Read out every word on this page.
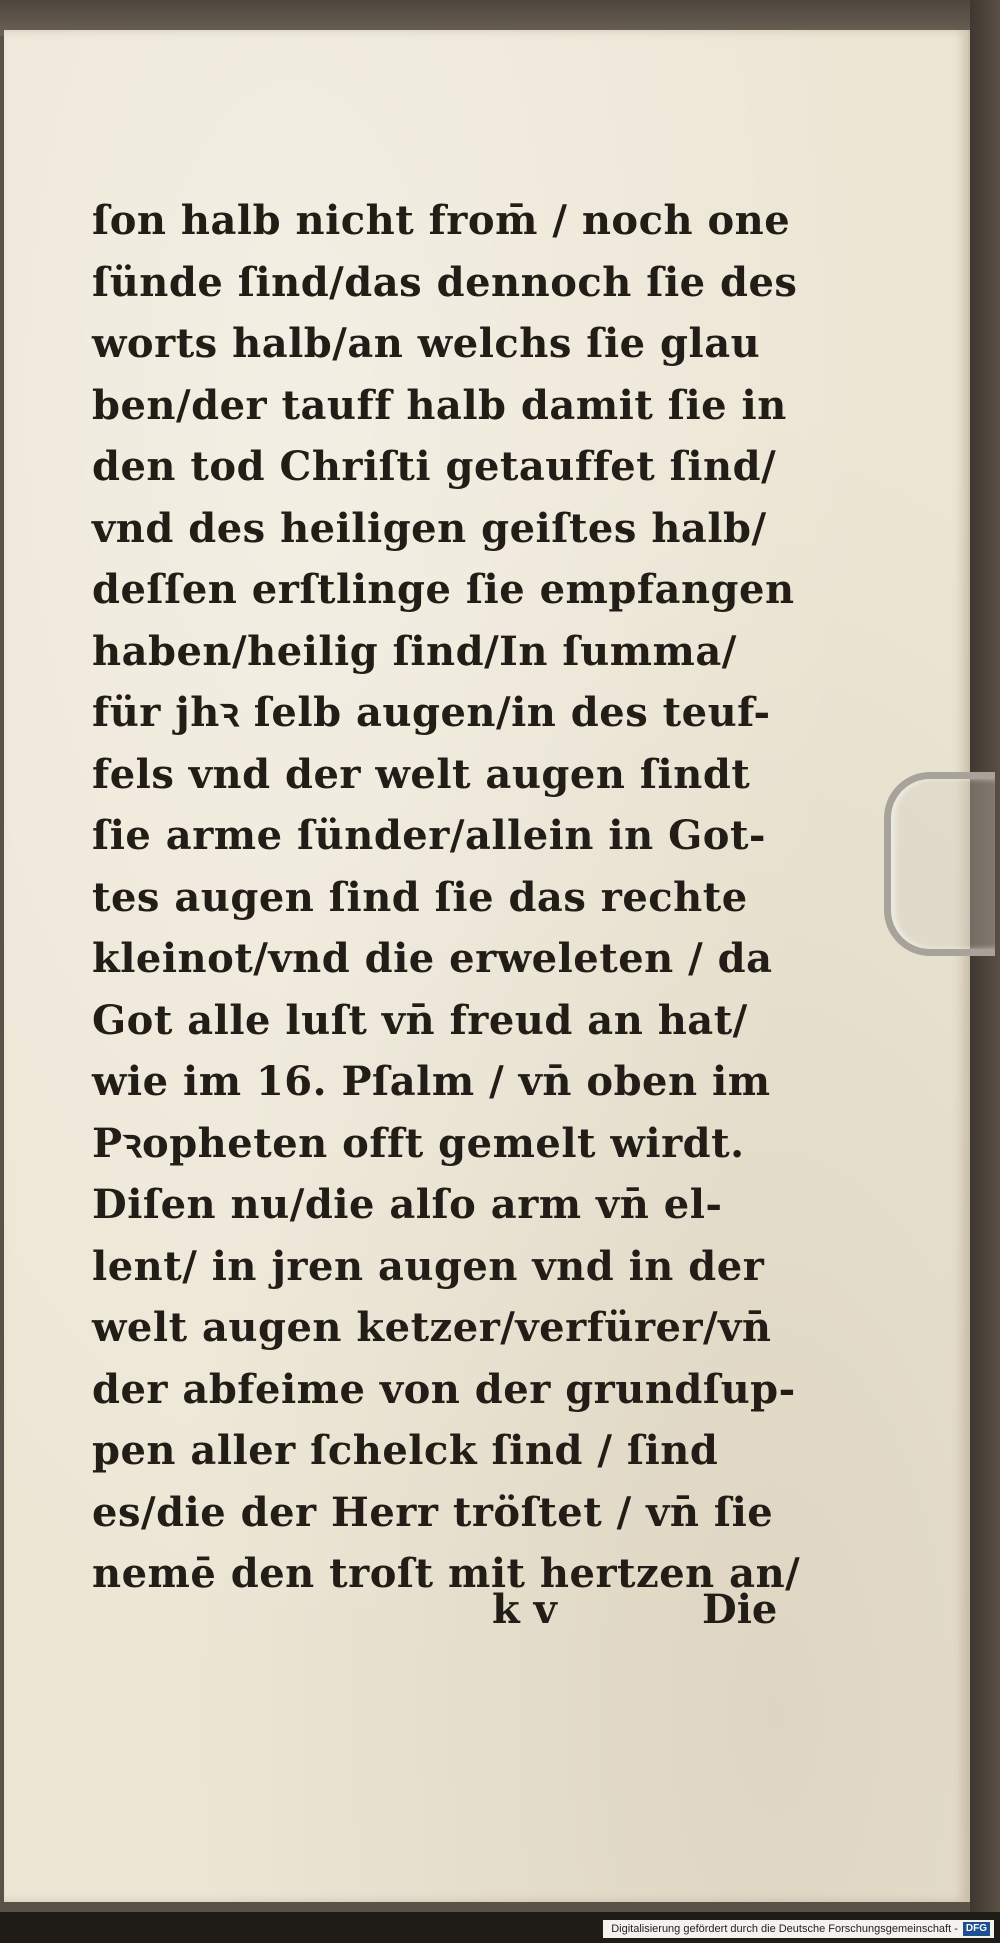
ſon halb nicht from̄ / noch one
ſünde ſind/das dennoch ſie des
worts halb/an welchs ſie glau
ben/der tauff halb damit ſie in
den tod Chriſti getauffet ſind/
vnd des heiligen geiſtes halb/
deſſen erſtlinge ſie empfangen
haben/heilig ſind/In ſumma/
für jhꝛ ſelb augen/in des teuf-
fels vnd der welt augen ſindt
ſie arme ſünder/allein in Got-
tes augen ſind ſie das rechte
kleinot/vnd die erweleten / da
Got alle luſt vn̄ freud an hat/
wie im 16. Pſalm / vn̄ oben im
Pꝛopheten offt gemelt wirdt.
Diſen nu/die alſo arm vn̄ el-
lent/ in jren augen vnd in der
welt augen ketzer/verfürer/vn̄
der abfeime von der grundſup-
pen aller ſchelck ſind / ſind
es/die der Herr tröſtet / vn̄ ſie
nemē den troſt mit hertzen an/
k v	Die
Digitalisierung gefördert durch die Deutsche Forschungsgemeinschaft - DFG
